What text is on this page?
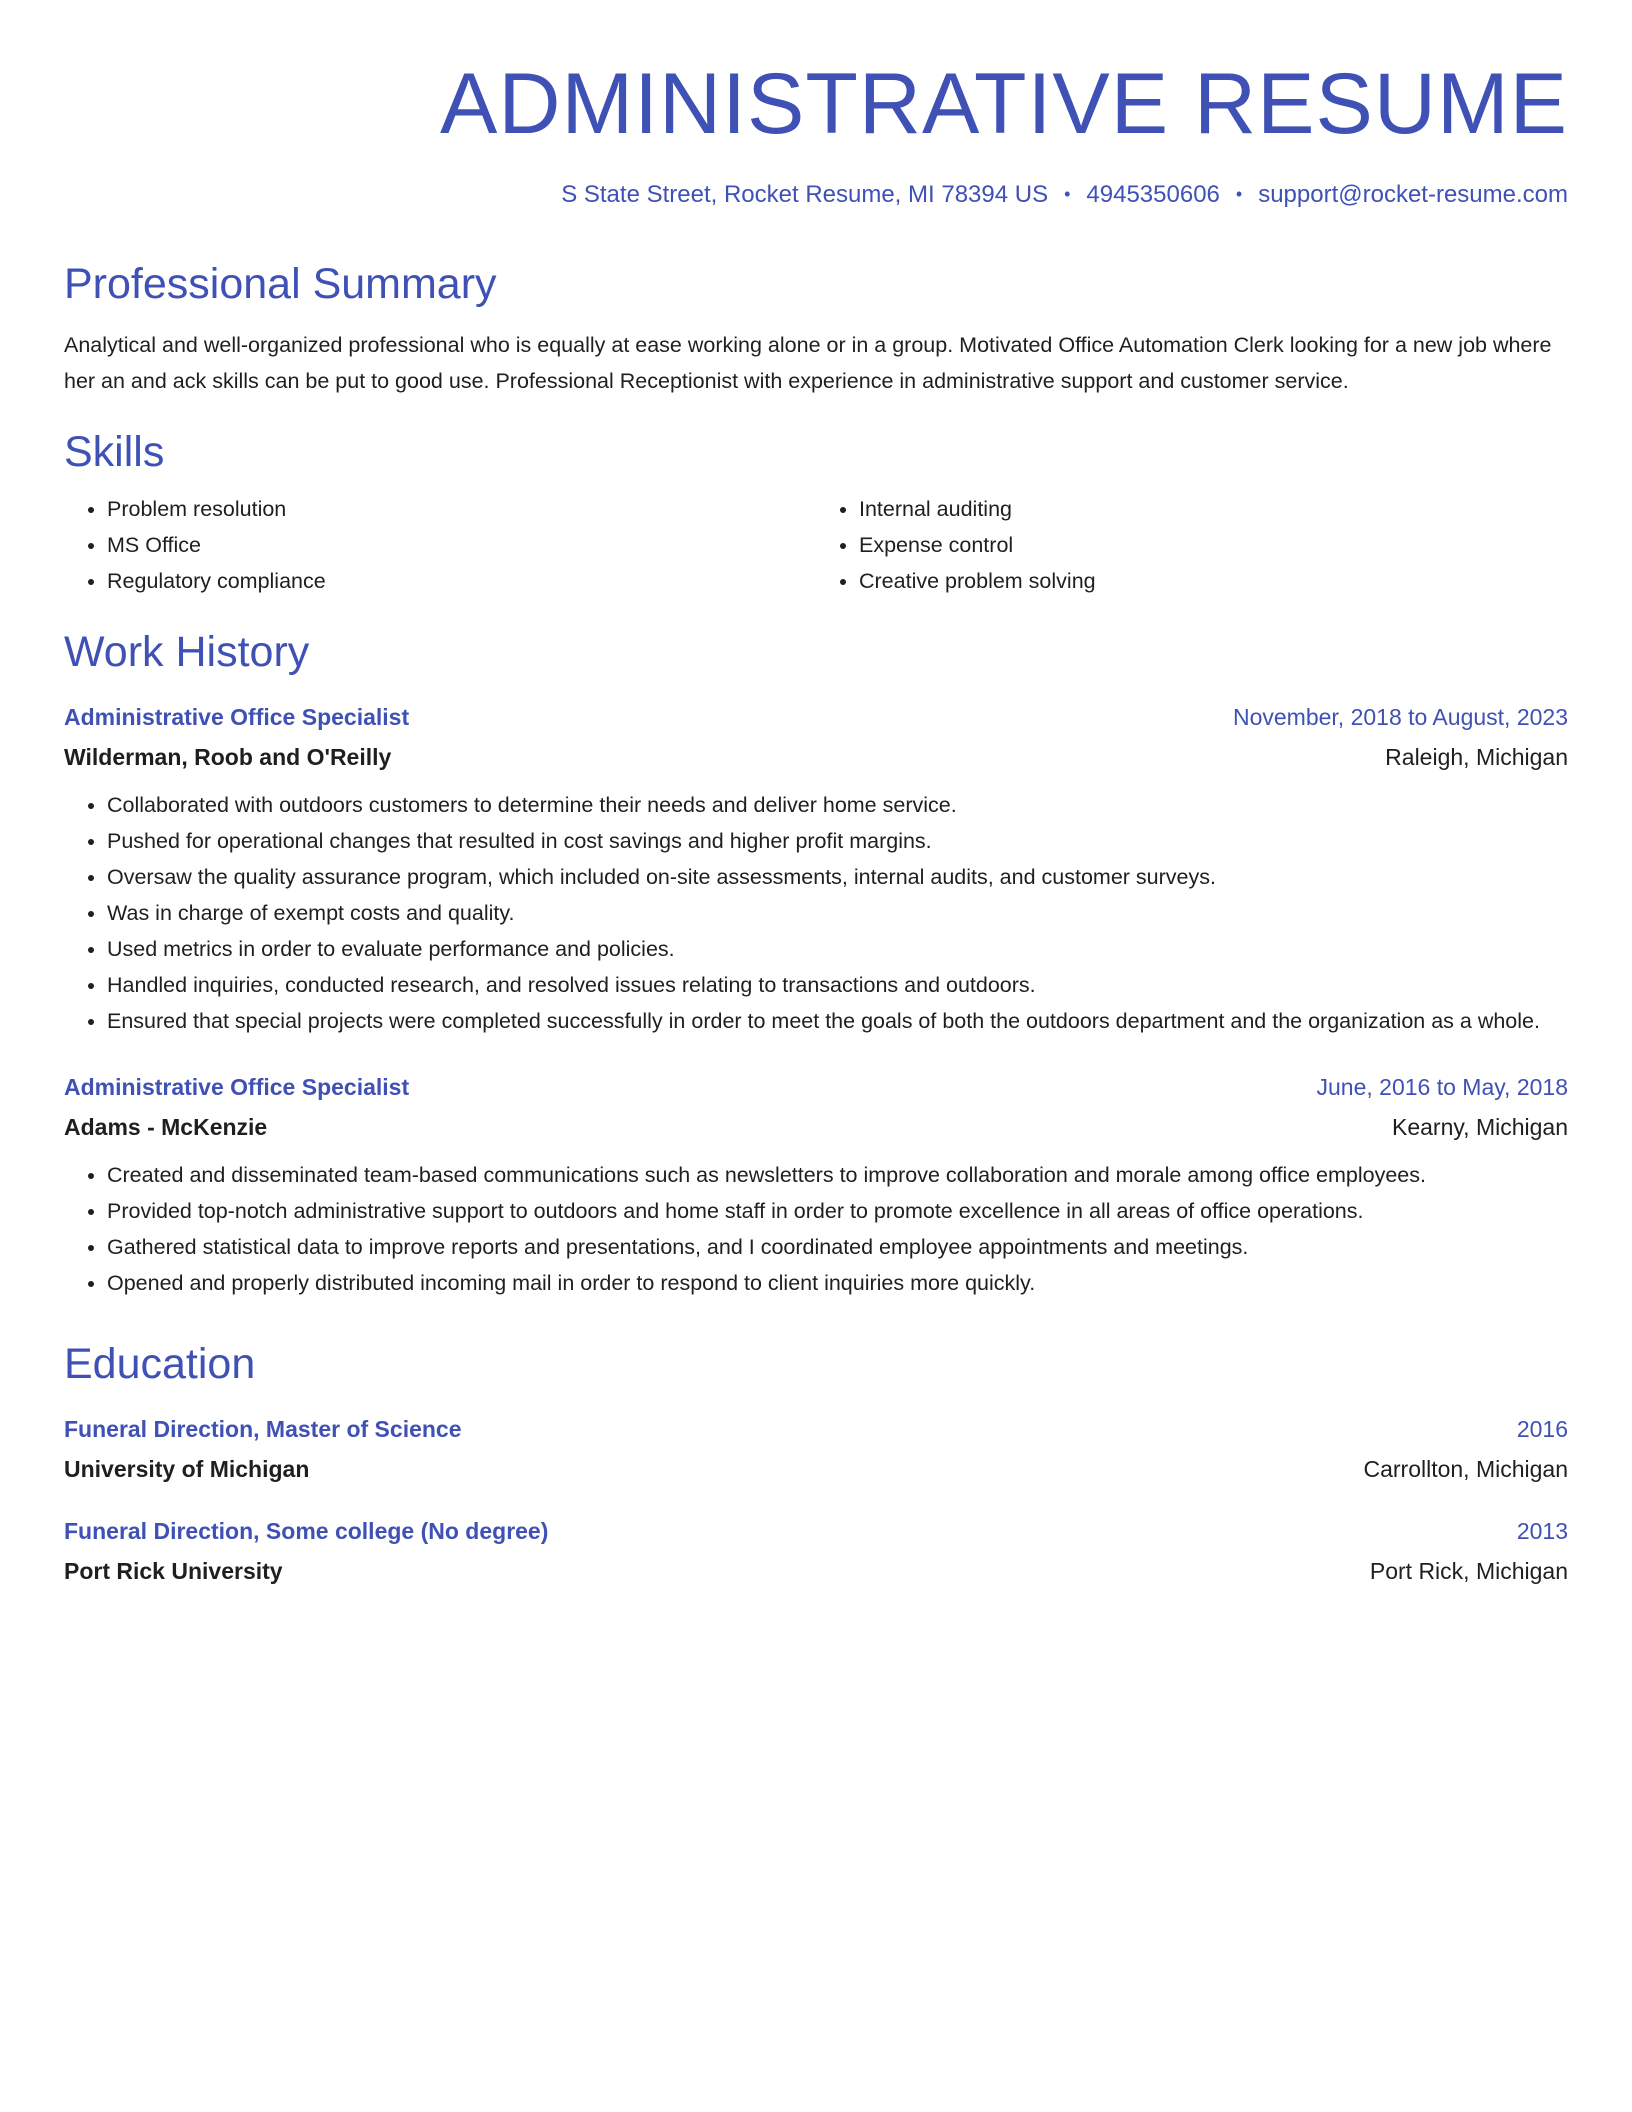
ADMINISTRATIVE RESUME
S State Street, Rocket Resume, MI 78394 US • 4945350606 • support@rocket-resume.com
Professional Summary

Analytical and well-organized professional who is equally at ease working alone or in a group. Motivated Office Automation Clerk looking for a new job where her an and ack skills can be put to good use. Professional Receptionist with experience in administrative support and customer service.

Skills
• Problem resolution
• MS Office
• Regulatory compliance
• Internal auditing
• Expense control
• Creative problem solving
Work History
Administrative Office Specialist	November, 2018 to August, 2023
Wilderman, Roob and O'Reilly	Raleigh, Michigan
• Collaborated with outdoors customers to determine their needs and deliver home service.
• Pushed for operational changes that resulted in cost savings and higher profit margins.
• Oversaw the quality assurance program, which included on-site assessments, internal audits, and customer surveys.
• Was in charge of exempt costs and quality.
• Used metrics in order to evaluate performance and policies.
• Handled inquiries, conducted research, and resolved issues relating to transactions and outdoors.
• Ensured that special projects were completed successfully in order to meet the goals of both the outdoors department and the organization as a whole.
Administrative Office Specialist	June, 2016 to May, 2018
Adams - McKenzie	Kearny, Michigan
• Created and disseminated team-based communications such as newsletters to improve collaboration and morale among office employees.
• Provided top-notch administrative support to outdoors and home staff in order to promote excellence in all areas of office operations.
• Gathered statistical data to improve reports and presentations, and I coordinated employee appointments and meetings.
• Opened and properly distributed incoming mail in order to respond to client inquiries more quickly.
Education
Funeral Direction, Master of Science	2016
University of Michigan	Carrollton, Michigan
Funeral Direction, Some college (No degree)	2013
Port Rick University	Port Rick, Michigan
